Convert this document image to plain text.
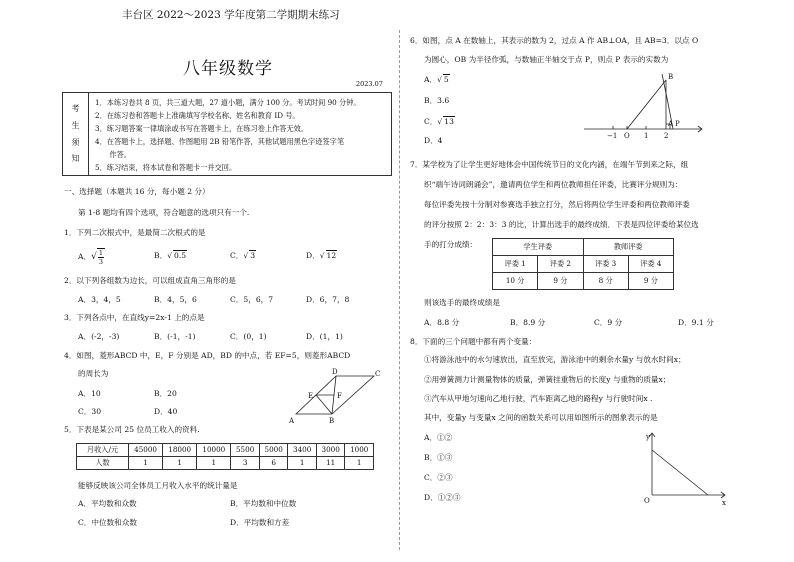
丰台区 2022～2023 学年度第二学期期末练习
八年级数学
2023.07
考
生
须
知
1．本练习卷共 8 页，共三道大题，27 道小题，满分 100 分。考试时间 90 分钟。
2．在练习卷和答题卡上准确填写学校名称、姓名和教育 ID 号。
3．练习题答案一律填涂或书写在答题卡上，在练习卷上作答无效。
4．在答题卡上，选择题、作图题用 2B 铅笔作答，其他试题用黑色字迹签字笔
　　作答。
5．练习结束，将本试卷和答题卡一并交回。
一、选择题（本题共 16 分，每小题 2 分）
第 1-8 题均有四个选项，符合题意的选项只有一个.
1．下列二次根式中，是最简二次根式的是
A．√ $\frac{1}{3}$	B．√ 0.5	C．√ 3	D．√ 12
2．以下列各组数为边长，可以组成直角三角形的是
A．3，4，5	B．4，5，6	C．5，6，7	D．6，7，8
3．下列各点中，在直线y=2x-1 上的点是
A．(-2，-3)	B．(-1，-1)	C．(0，1)	D．(1，1)
4．如图，菱形ABCD 中，E，F 分别是 AD，BD 的中点，若 EF=5，则菱形ABCD
的周长为
A．10	B．20
C．30	D．40
A	B
C
D
E	F
5．下表是某公司 25 位员工收入的资料.
月收入/元	45000	18000	10000	5500	5000	3400	3000	1000
人数	1	1	1	3	6	1	11	1
能够反映该公司全体员工月收入水平的统计量是
A．平均数和众数	B．平均数和中位数
C．中位数和众数	D．平均数和方差
6．如图，点 A 在数轴上，其表示的数为 2，过点 A 作 AB⊥OA，且 AB=3．以点 O
为圆心，OB 为半径作弧，与数轴正半轴交于点 P，则点 P 表示的实数为
A．√ 5
B．3.6
C．√ 13
D．4
B
A P
−1 O 1 2
7．某学校为了让学生更好地体会中国传统节日的文化内涵，在端午节到来之际，组
织“端午诗词朗诵会”，邀请两位学生和两位教师担任评委，比赛评分规则为：
每位评委先按十分制对参赛选手独立打分，然后将两位学生评委和两位教师评委
的评分按照 2：2：3：3 的比，计算出选手的最终成绩．下表是四位评委给某位选
手的打分成绩：	学生评委		教师评委	
评委 1	评委 2	评委 3	评委 4
10 分	9 分	8 分	9 分
则该选手的最终成绩是
A．8.8 分	B．8.9 分	C．9 分	D．9.1 分
8．下面的三个问题中都有两个变量：
①将游泳池中的水匀速放出，直至放完，游泳池中的剩余水量y 与放水时间x；
②用弹簧测力计测量物体的质量，弹簧挂重物后的长度y 与重物的质量x；
③汽车从甲地匀速向乙地行驶，汽车距离乙地的路程y 与行驶时间x .
其中，变量y 与变量x 之间的函数关系可以用如图所示的图象表示的是
A．①②
B．①③
C．②③
D．①②③
y
x
O
